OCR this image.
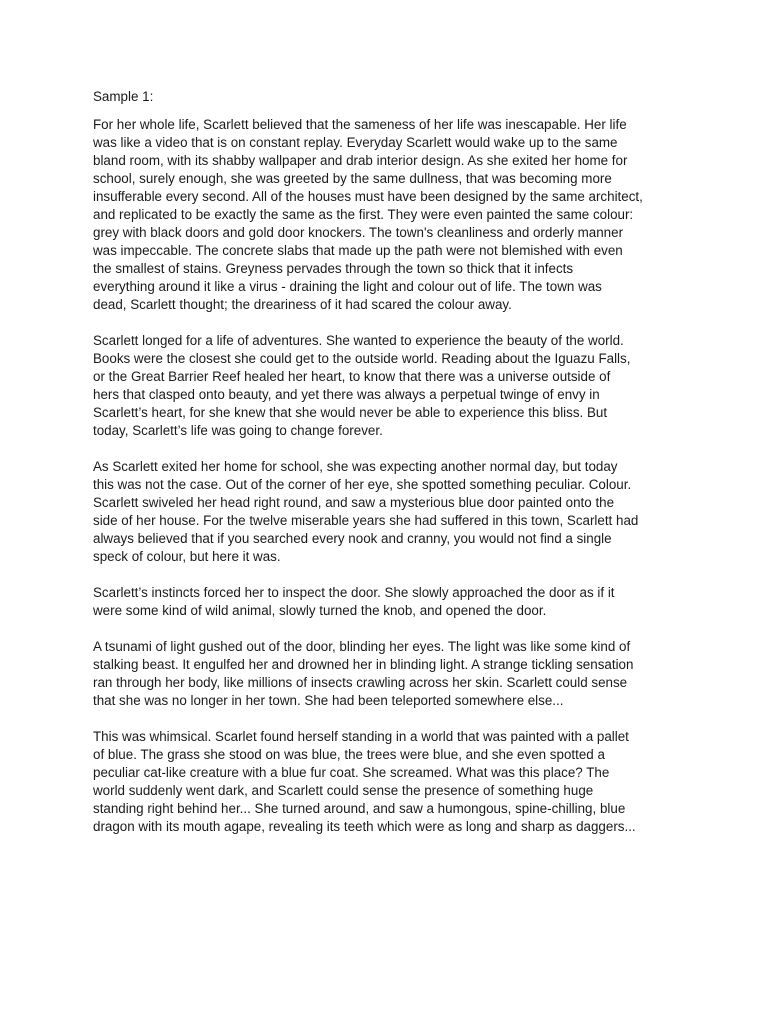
Sample 1:
For her whole life, Scarlett believed that the sameness of her life was inescapable. Her life
was like a video that is on constant replay. Everyday Scarlett would wake up to the same
bland room, with its shabby wallpaper and drab interior design. As she exited her home for
school, surely enough, she was greeted by the same dullness, that was becoming more
insufferable every second. All of the houses must have been designed by the same architect,
and replicated to be exactly the same as the first. They were even painted the same colour:
grey with black doors and gold door knockers. The town's cleanliness and orderly manner
was impeccable. The concrete slabs that made up the path were not blemished with even
the smallest of stains. Greyness pervades through the town so thick that it infects
everything around it like a virus - draining the light and colour out of life. The town was
dead, Scarlett thought; the dreariness of it had scared the colour away.
Scarlett longed for a life of adventures. She wanted to experience the beauty of the world.
Books were the closest she could get to the outside world. Reading about the Iguazu Falls,
or the Great Barrier Reef healed her heart, to know that there was a universe outside of
hers that clasped onto beauty, and yet there was always a perpetual twinge of envy in
Scarlett’s heart, for she knew that she would never be able to experience this bliss. But
today, Scarlett’s life was going to change forever.
As Scarlett exited her home for school, she was expecting another normal day, but today
this was not the case. Out of the corner of her eye, she spotted something peculiar. Colour.
Scarlett swiveled her head right round, and saw a mysterious blue door painted onto the
side of her house. For the twelve miserable years she had suffered in this town, Scarlett had
always believed that if you searched every nook and cranny, you would not find a single
speck of colour, but here it was.
Scarlett’s instincts forced her to inspect the door. She slowly approached the door as if it
were some kind of wild animal, slowly turned the knob, and opened the door.
A tsunami of light gushed out of the door, blinding her eyes. The light was like some kind of
stalking beast. It engulfed her and drowned her in blinding light. A strange tickling sensation
ran through her body, like millions of insects crawling across her skin. Scarlett could sense
that she was no longer in her town. She had been teleported somewhere else...
This was whimsical. Scarlet found herself standing in a world that was painted with a pallet
of blue. The grass she stood on was blue, the trees were blue, and she even spotted a
peculiar cat-like creature with a blue fur coat. She screamed. What was this place? The
world suddenly went dark, and Scarlett could sense the presence of something huge
standing right behind her... She turned around, and saw a humongous, spine-chilling, blue
dragon with its mouth agape, revealing its teeth which were as long and sharp as daggers...
